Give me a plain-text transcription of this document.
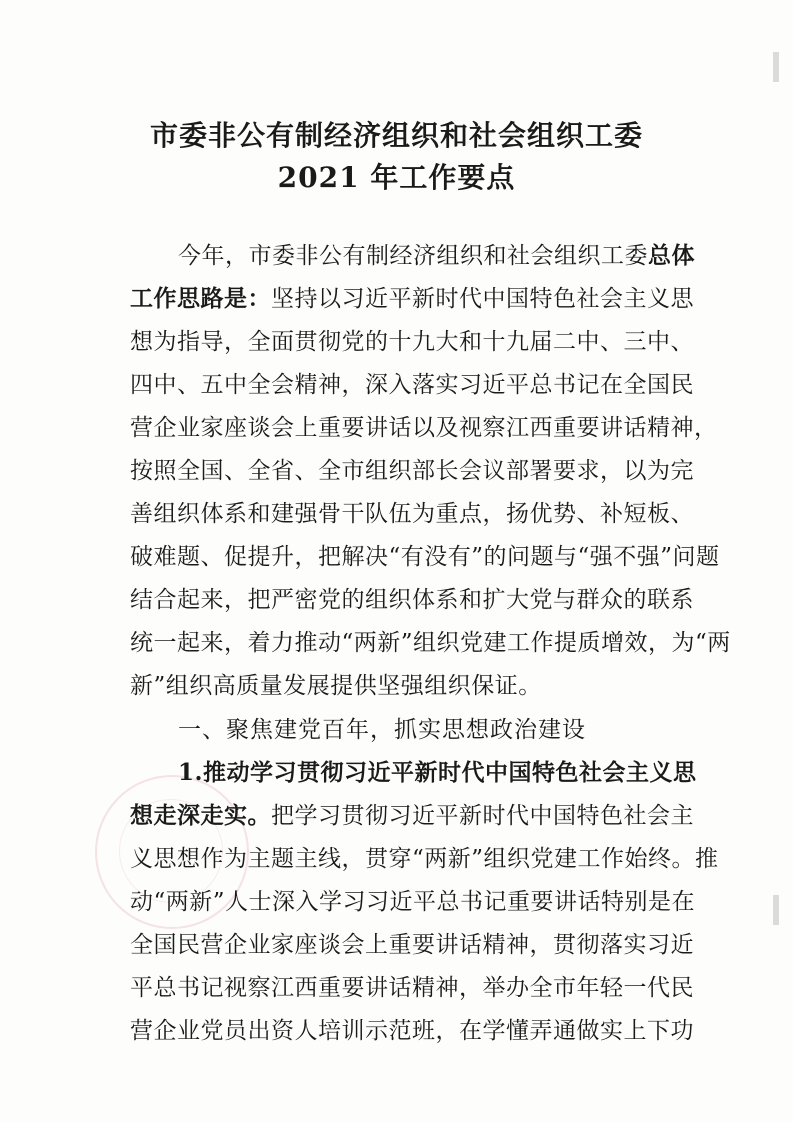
市委非公有制经济组织和社会组织工委
2021 年工作要点
今年，市委非公有制经济组织和社会组织工委总体
工作思路是：坚持以习近平新时代中国特色社会主义思
想为指导，全面贯彻党的十九大和十九届二中、三中、
四中、五中全会精神，深入落实习近平总书记在全国民
营企业家座谈会上重要讲话以及视察江西重要讲话精神，
按照全国、全省、全市组织部长会议部署要求，以为完
善组织体系和建强骨干队伍为重点，扬优势、补短板、
破难题、促提升，把解决“有没有”的问题与“强不强”问题
结合起来，把严密党的组织体系和扩大党与群众的联系
统一起来，着力推动“两新”组织党建工作提质增效，为“两
新”组织高质量发展提供坚强组织保证。
一、聚焦建党百年，抓实思想政治建设
1.推动学习贯彻习近平新时代中国特色社会主义思
想走深走实。把学习贯彻习近平新时代中国特色社会主
义思想作为主题主线，贯穿“两新”组织党建工作始终。推
动“两新”人士深入学习习近平总书记重要讲话特别是在
全国民营企业家座谈会上重要讲话精神，贯彻落实习近
平总书记视察江西重要讲话精神，举办全市年轻一代民
营企业党员出资人培训示范班，在学懂弄通做实上下功
